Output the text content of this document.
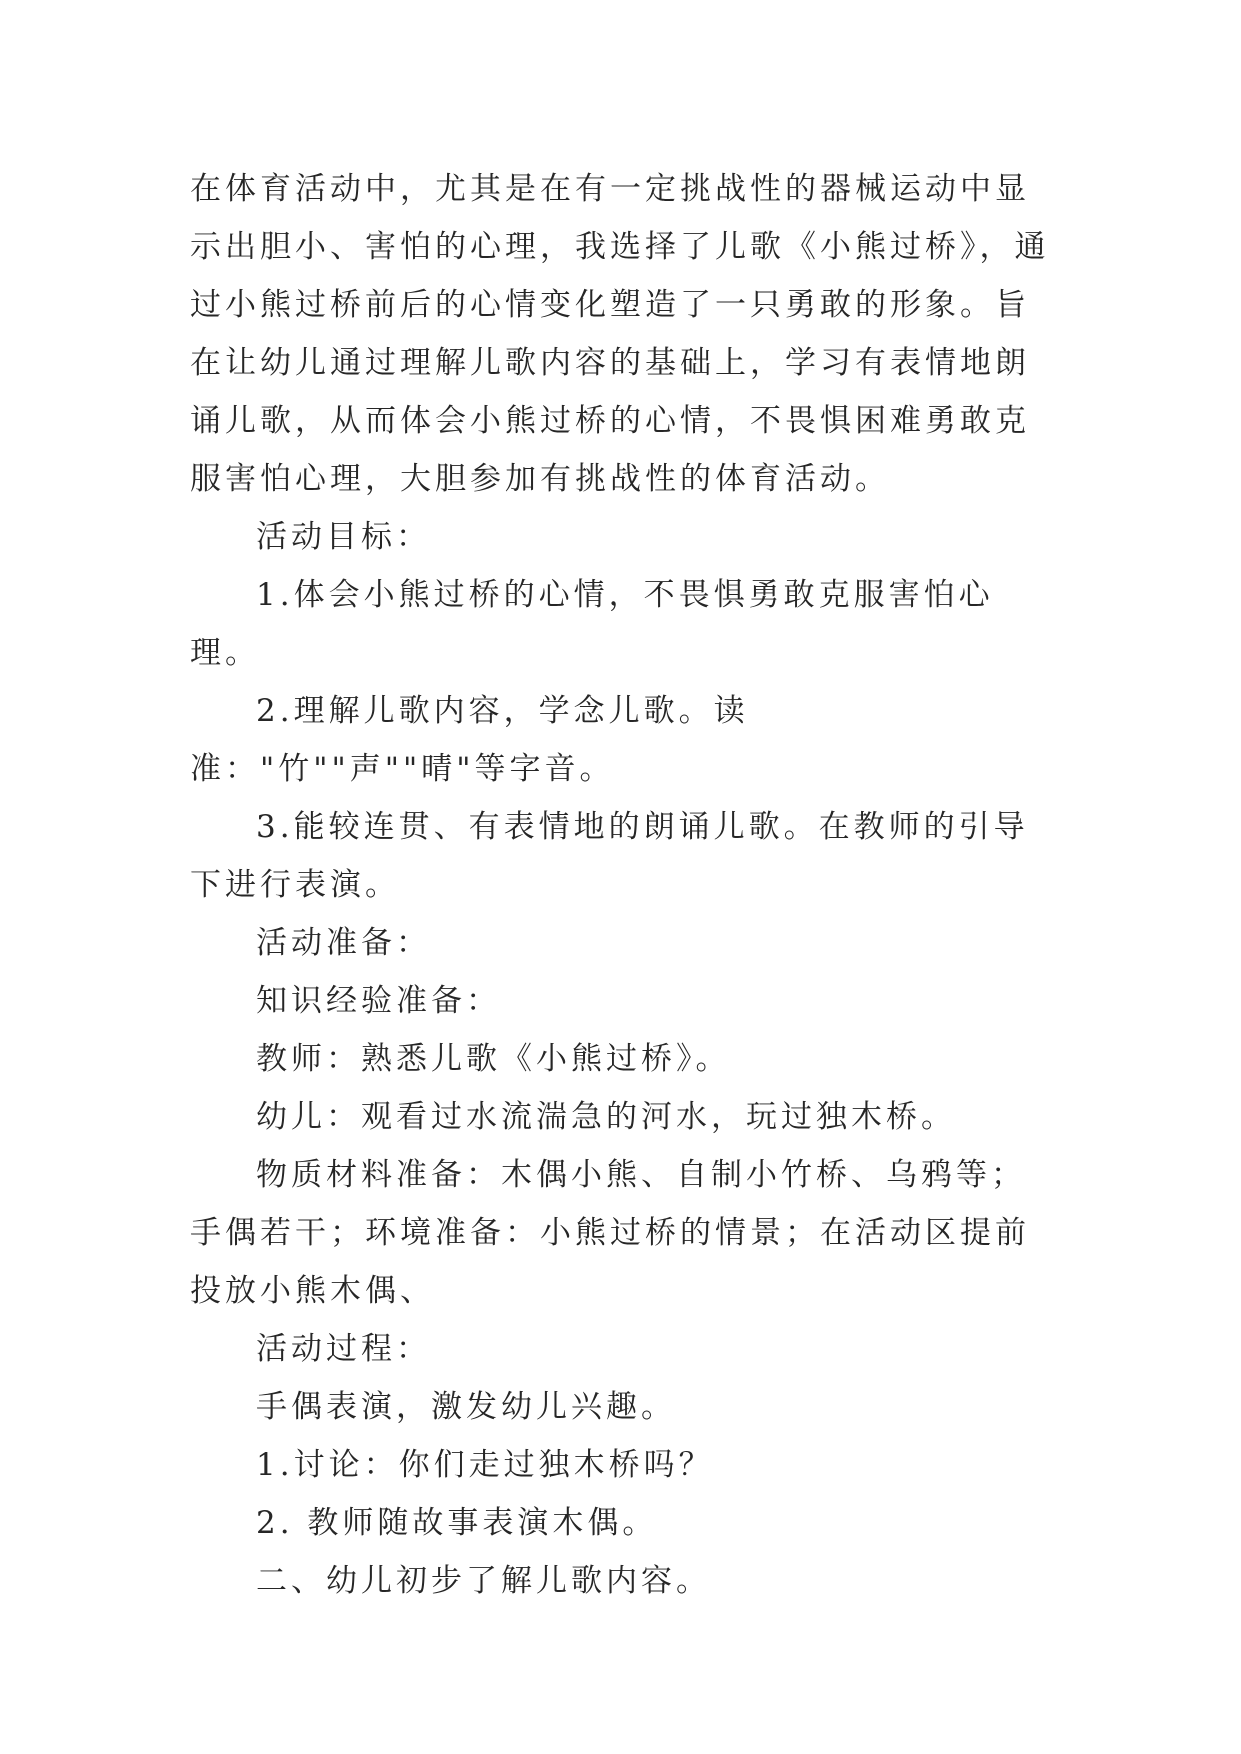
在体育活动中，尤其是在有一定挑战性的器械运动中显示出胆小、害怕的心理，我选择了儿歌《小熊过桥》，通过小熊过桥前后的心情变化塑造了一只勇敢的形象。旨在让幼儿通过理解儿歌内容的基础上，学习有表情地朗诵儿歌，从而体会小熊过桥的心情，不畏惧困难勇敢克服害怕心理，大胆参加有挑战性的体育活动。

活动目标：

1.体会小熊过桥的心情，不畏惧勇敢克服害怕心理。

2.理解儿歌内容，学念儿歌。读准："竹""声""晴"等字音。

3.能较连贯、有表情地的朗诵儿歌。在教师的引导下进行表演。

活动准备：

知识经验准备：

教师：熟悉儿歌《小熊过桥》。

幼儿：观看过水流湍急的河水，玩过独木桥。

物质材料准备：木偶小熊、自制小竹桥、乌鸦等；手偶若干；环境准备：小熊过桥的情景；在活动区提前投放小熊木偶、

活动过程：

手偶表演，激发幼儿兴趣。

1.讨论：你们走过独木桥吗？

2. 教师随故事表演木偶。

二、幼儿初步了解儿歌内容。
